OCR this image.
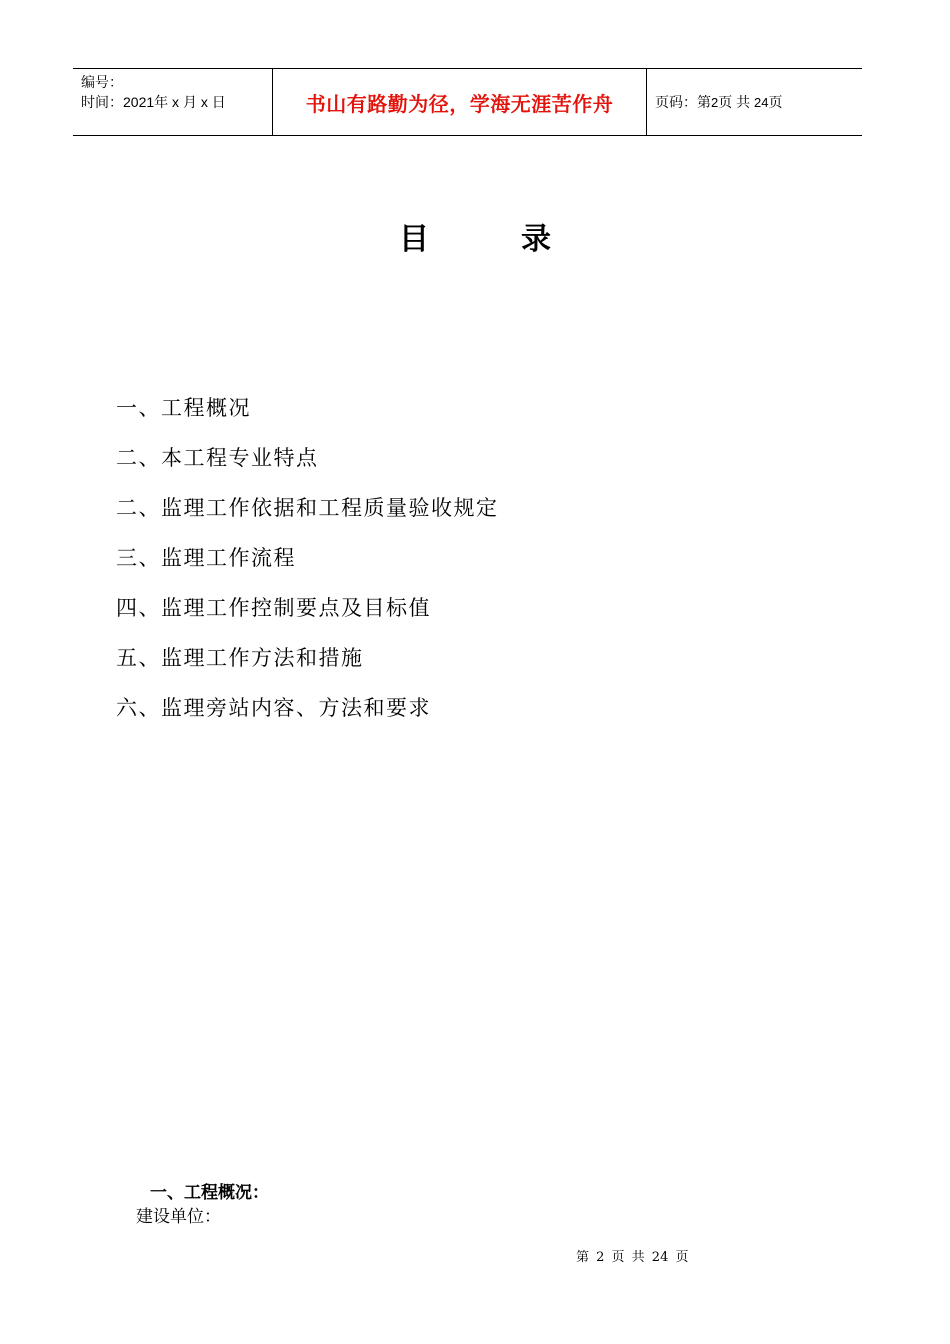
编号：
时间：2021年 x 月 x 日	书山有路勤为径，学海无涯苦作舟	页码：第 2 页 共
24 页
目	录
一、工程概况
二、本工程专业特点
二、监理工作依据和工程质量验收规定
三、监理工作流程
四、监理工作控制要点及目标值
五、监理工作方法和措施
六、监理旁站内容、方法和要求
一、工程概况：
建设单位：
第 2 页 共 24 页
